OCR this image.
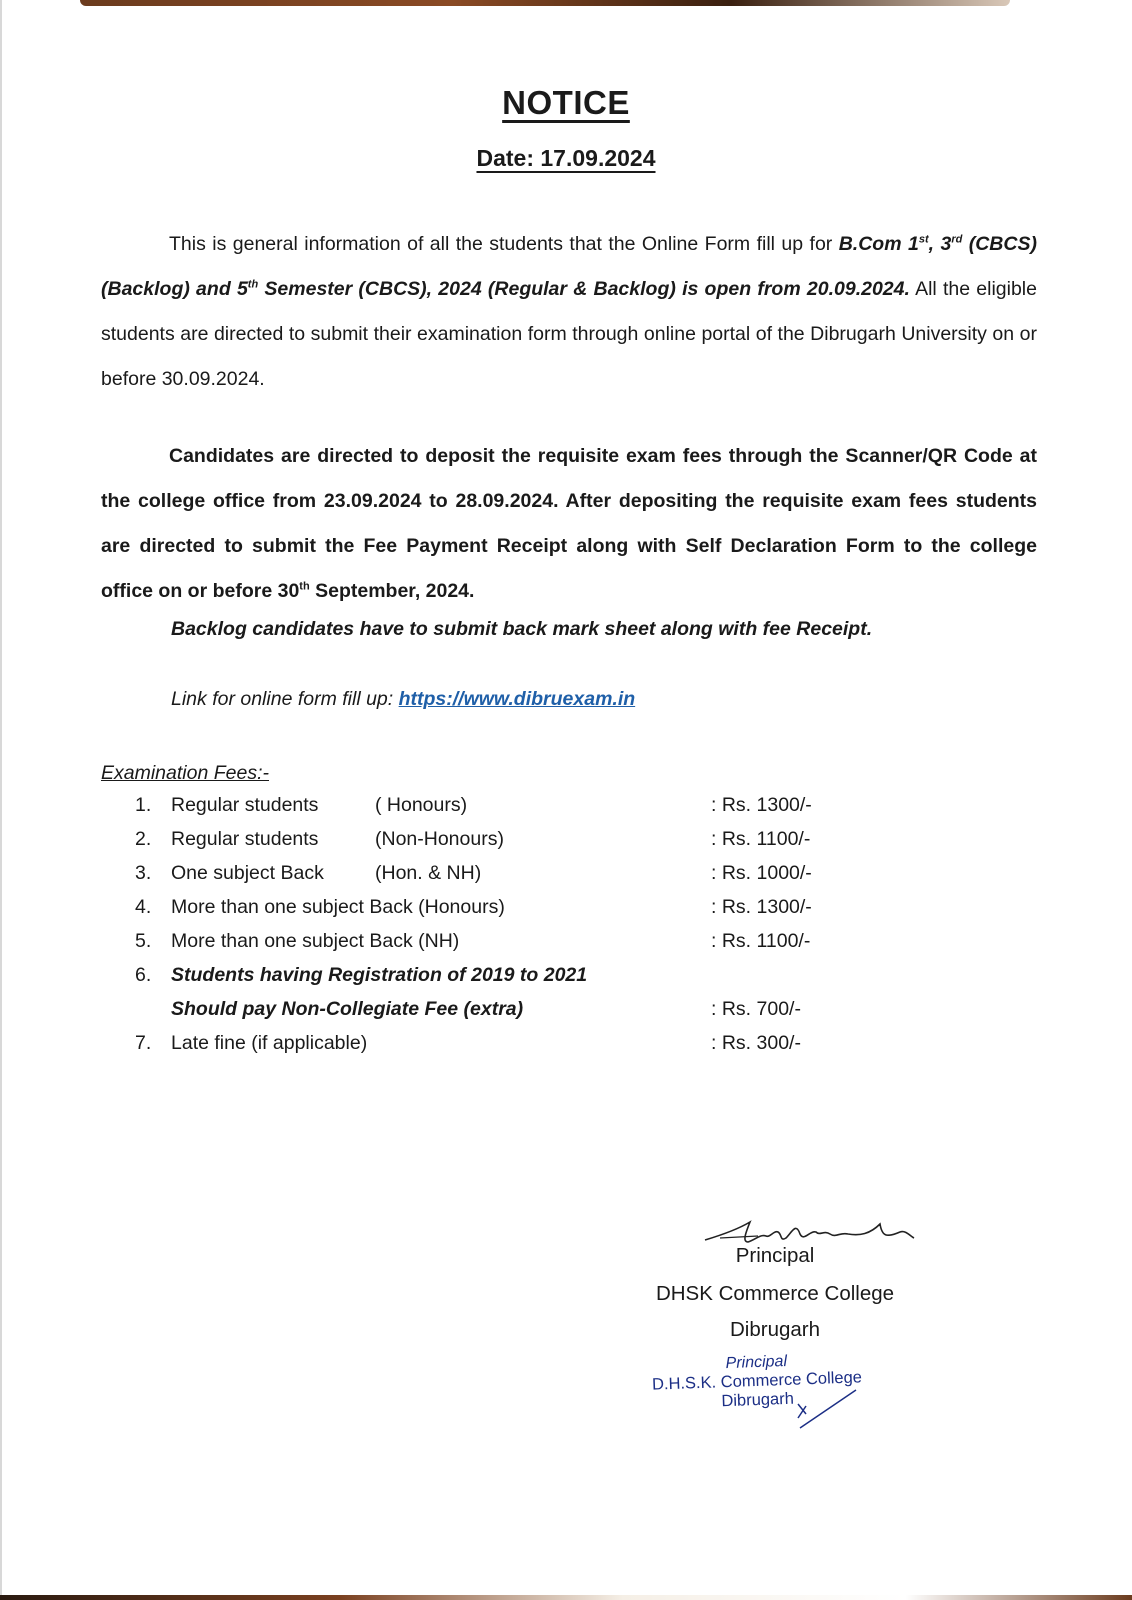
NOTICE
Date: 17.09.2024
This is general information of all the students that the Online Form fill up for B.Com 1st, 3rd (CBCS) (Backlog) and 5th Semester (CBCS), 2024 (Regular & Backlog) is open from 20.09.2024. All the eligible students are directed to submit their examination form through online portal of the Dibrugarh University on or before 30.09.2024.
Candidates are directed to deposit the requisite exam fees through the Scanner/QR Code at the college office from 23.09.2024 to 28.09.2024. After depositing the requisite exam fees students are directed to submit the Fee Payment Receipt along with Self Declaration Form to the college office on or before 30th September, 2024.
Backlog candidates have to submit back mark sheet along with fee Receipt.
Link for online form fill up: https://www.dibruexam.in
Examination Fees:-
1.	Regular students	( Honours)	: Rs. 1300/-
2.	Regular students	(Non-Honours)	: Rs. 1100/-
3.	One subject Back	(Hon. & NH)	: Rs. 1000/-
4.	More than one subject Back (Honours)	: Rs. 1300/-
5.	More than one subject Back (NH)	: Rs. 1100/-
6.	Students having Registration of 2019 to 2021
Should pay Non-Collegiate Fee (extra)	: Rs. 700/-
7.	Late fine (if applicable)	: Rs. 300/-
Principal
DHSK Commerce College
Dibrugarh
Principal
D.H.S.K. Commerce College
Dibrugarh
